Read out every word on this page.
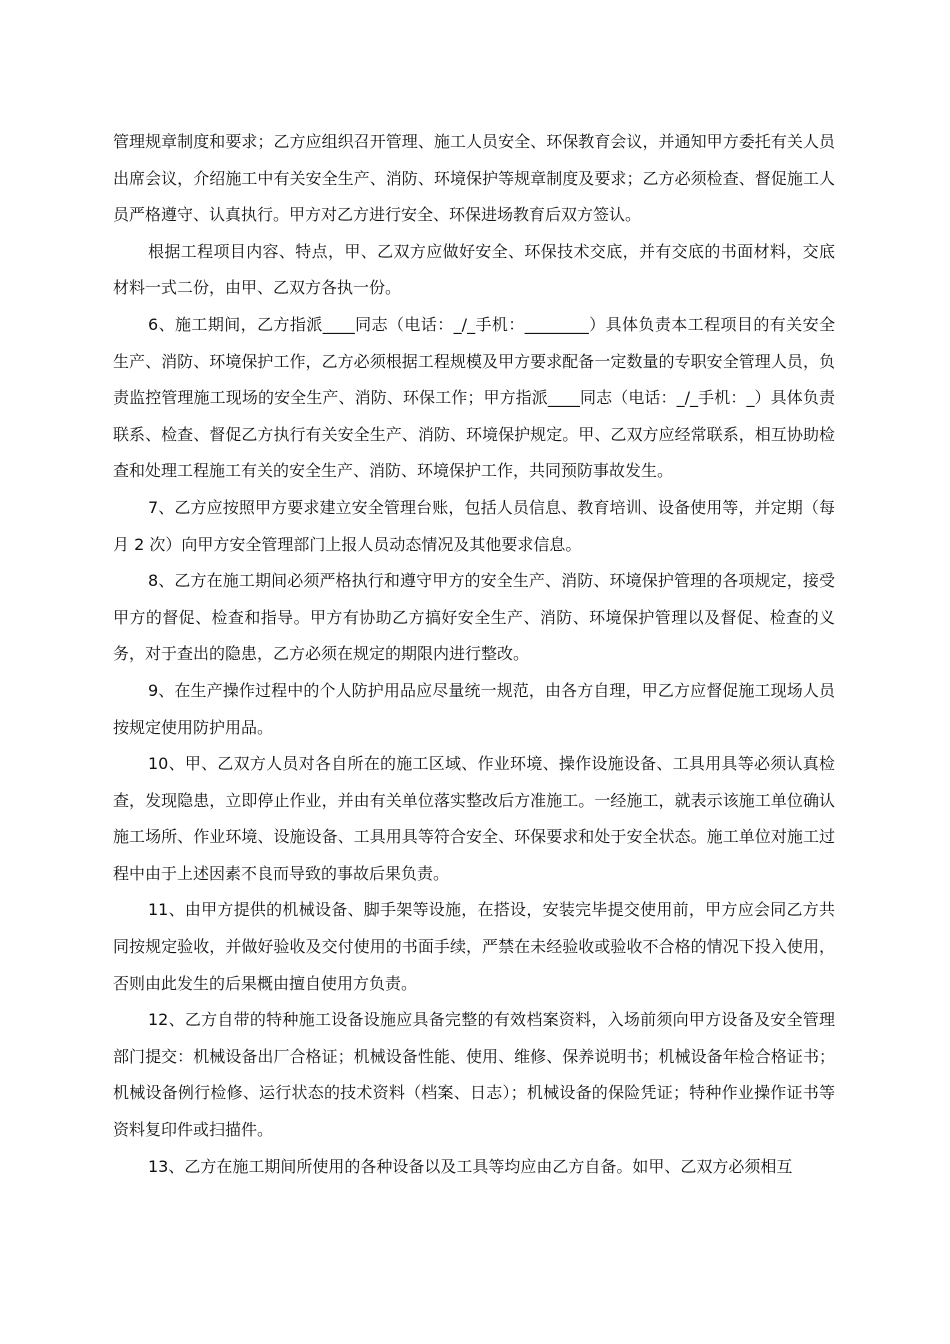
管理规章制度和要求；乙方应组织召开管理、施工人员安全、环保教育会议，并通知甲方委托有关人员出席会议，介绍施工中有关安全生产、消防、环境保护等规章制度及要求；乙方必须检查、督促施工人员严格遵守、认真执行。甲方对乙方进行安全、环保进场教育后双方签认。

根据工程项目内容、特点，甲、乙双方应做好安全、环保技术交底，并有交底的书面材料，交底材料一式二份，由甲、乙双方各执一份。

6、施工期间，乙方指派____同志（电话：_/_手机：________）具体负责本工程项目的有关安全生产、消防、环境保护工作，乙方必须根据工程规模及甲方要求配备一定数量的专职安全管理人员，负责监控管理施工现场的安全生产、消防、环保工作；甲方指派____同志（电话：_/_手机：_）具体负责联系、检查、督促乙方执行有关安全生产、消防、环境保护规定。甲、乙双方应经常联系，相互协助检查和处理工程施工有关的安全生产、消防、环境保护工作，共同预防事故发生。

7、乙方应按照甲方要求建立安全管理台账，包括人员信息、教育培训、设备使用等，并定期（每月 2 次）向甲方安全管理部门上报人员动态情况及其他要求信息。

8、乙方在施工期间必须严格执行和遵守甲方的安全生产、消防、环境保护管理的各项规定，接受甲方的督促、检查和指导。甲方有协助乙方搞好安全生产、消防、环境保护管理以及督促、检查的义务，对于查出的隐患，乙方必须在规定的期限内进行整改。

9、在生产操作过程中的个人防护用品应尽量统一规范，由各方自理，甲乙方应督促施工现场人员按规定使用防护用品。

10、甲、乙双方人员对各自所在的施工区域、作业环境、操作设施设备、工具用具等必须认真检查，发现隐患，立即停止作业，并由有关单位落实整改后方准施工。一经施工，就表示该施工单位确认施工场所、作业环境、设施设备、工具用具等符合安全、环保要求和处于安全状态。施工单位对施工过程中由于上述因素不良而导致的事故后果负责。

11、由甲方提供的机械设备、脚手架等设施，在搭设，安装完毕提交使用前，甲方应会同乙方共同按规定验收，并做好验收及交付使用的书面手续，严禁在未经验收或验收不合格的情况下投入使用，否则由此发生的后果概由擅自使用方负责。

12、乙方自带的特种施工设备设施应具备完整的有效档案资料，入场前须向甲方设备及安全管理部门提交：机械设备出厂合格证；机械设备性能、使用、维修、保养说明书；机械设备年检合格证书；机械设备例行检修、运行状态的技术资料（档案、日志）；机械设备的保险凭证；特种作业操作证书等资料复印件或扫描件。

13、乙方在施工期间所使用的各种设备以及工具等均应由乙方自备。如甲、乙双方必须相互
